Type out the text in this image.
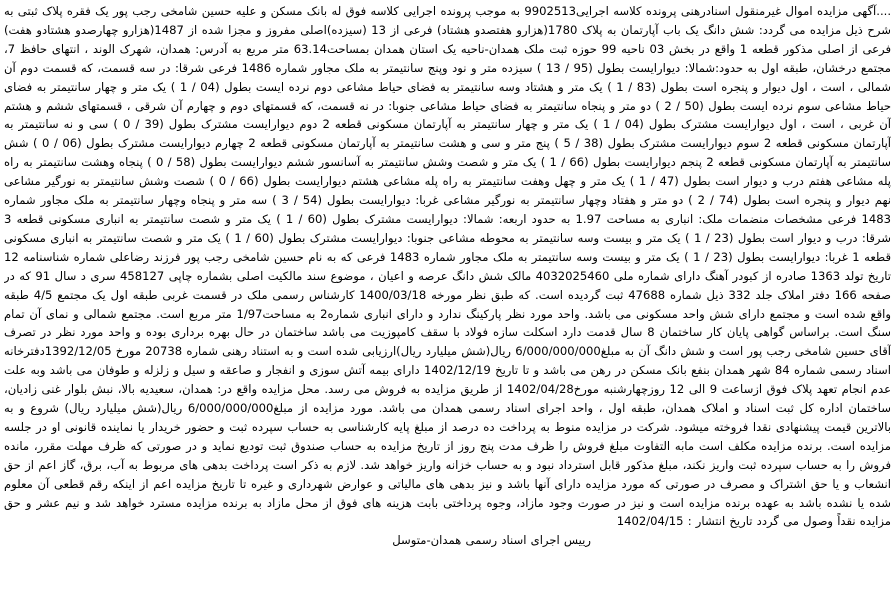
....آگهی مزایده اموال غیرمنقول اسنادرهنی پرونده کلاسه اجرایی9902513 به موجب پرونده اجرایی کلاسه فوق له بانک مسکن و علیه حسین شامخی رجب پور یک فقره پلاک ثبتی به شرح ذیل مزایده می گردد: شش دانگ یک باب آپارتمان به پلاک 1780(هزارو هفتصدو هشتاد) فرعی از 13 (سیزده)اصلی مفروز و مجزا شده از 1487(هزارو چهارصدو هشتادو هفت) فرعی از اصلی مذکور قطعه 1 واقع در بخش 03 ناحیه 99 حوزه ثبت ملک همدان-ناحیه یک استان همدان بمساحت63.14 متر مربع به آدرس: همدان، شهرک الوند ، انتهای حافظ 7، مجتمع درخشان، طبقه اول به حدود:شمالا: دیوارایست بطول (95 / 13 ) سیزده متر و نود وپنج سانتیمتر به ملک مجاور شماره 1486 فرعی شرقا: در سه قسمت، که قسمت دوم آن شمالی ، است ، اول دیوار و پنجره است بطول (83 / 1 ) یک متر و هشتاد وسه سانتیمتر به فضای حیاط مشاعی دوم نرده ایست بطول (04 / 1 ) یک متر و چهار سانتیمتر به فضای حیاط مشاعی سوم نرده ایست بطول (50 / 2 ) دو متر و پنجاه سانتیمتر به فضای حیاط مشاعی جنوبا: در نه قسمت، که قسمتهای دوم و چهارم آن شرقی ، قسمتهای ششم و هشتم آن غربی ، است ، اول دیوارایست مشترک بطول (04 / 1 ) یک متر و چهار سانتیمتر به آپارتمان مسکونی قطعه 2 دوم دیوارایست مشترک بطول (39 / 0 ) سی و نه سانتیمتر به آپارتمان مسکونی قطعه 2 سوم دیوارایست مشترک بطول (38 / 5 ) پنج متر و سی و هشت سانتیمتر به آپارتمان مسکونی قطعه 2 چهارم دیوارایست مشترک بطول (06 / 0 ) شش سانتیمتر به آپارتمان مسکونی قطعه 2 پنجم دیوارایست بطول (66 / 1 ) یک متر و شصت وشش سانتیمتر به آسانسور ششم دیوارایست بطول (58 / 0 ) پنجاه وهشت سانتیمتر به راه پله مشاعی هفتم درب و دیوار است بطول (47 / 1 ) یک متر و چهل وهفت سانتیمتر به راه پله مشاعی هشتم دیوارایست بطول (66 / 0 ) شصت وشش سانتیمتر به نورگیر مشاعی نهم دیوار و پنجره است بطول (74 / 2 ) دو متر و هفتاد وچهار سانتیمتر به نورگیر مشاعی غربا: دیوارایست بطول (54 / 3 ) سه متر و پنجاه وچهار سانتیمتر به ملک مجاور شماره 1483 فرعی مشخصات منضمات ملک: انباری به مساحت 1.97 به حدود اربعه: شمالا: دیوارایست مشترک بطول (60 / 1 ) یک متر و شصت سانتیمتر به انباری مسکونی قطعه 3 شرقا: درب و دیوار است بطول (23 / 1 ) یک متر و بیست وسه سانتیمتر به محوطه مشاعی جنوبا: دیوارایست مشترک بطول (60 / 1 ) یک متر و شصت سانتیمتر به انباری مسکونی قطعه 1 غربا: دیوارایست بطول (23 / 1 ) یک متر و بیست وسه سانتیمتر به ملک مجاور شماره 1483 فرعی که به نام حسین شامخی رجب پور فرزند رضاعلی شماره شناسنامه 12 تاریخ تولد 1363 صادره از کبودر آهنگ دارای شماره ملی 4032025460 مالک شش دانگ عرصه و اعیان ، موضوع سند مالکیت اصلی بشماره چاپی 458127 سری د سال 91 که در صفحه 166 دفتر املاک جلد 332 ذیل شماره 47688 ثبت گردیده است. که طبق نظر مورخه 1400/03/18 کارشناس رسمی ملک در قسمت غربی طبقه اول یک مجتمع 4/5 طبقه واقع شده است و مجتمع دارای شش واحد مسکونی می باشد. واحد مورد نظر پارکینگ ندارد و دارای انباری شماره2 به مساحت1/97 متر مربع است. مجتمع شمالی و نمای آن تمام سنگ است. براساس گواهی پایان کار ساختمان 8 سال قدمت دارد اسکلت سازه فولاد با سقف کامپوزیت می باشد ساختمان در حال بهره برداری بوده و واحد مورد نظر در تصرف آقای حسین شامخی رجب پور است و شش دانگ آن به مبلغ6/000/000/000 ریال(شش میلیارد ریال)ارزیابی شده است و به استناد رهنی شماره 20738 مورخ 1392/12/05دفترخانه اسناد رسمی شماره 84 شهر همدان بنفع بانک مسکن در رهن می باشد و تا تاریخ 1402/12/19 دارای بیمه آتش سوزی و انفجار و صاعقه و سیل و زلزله و طوفان می باشد وبه علت عدم انجام تعهد پلاک فوق ازساعت 9 الی 12 روزچهارشنبه مورخ1402/04/28 از طریق مزایده به فروش می رسد. محل مزایده واقع در: همدان، سعیدیه بالا، نبش بلوار غنی زادیان، ساختمان اداره کل ثبت اسناد و املاک همدان، طبقه اول ، واحد اجرای اسناد رسمی همدان می باشد. مورد مزایده از مبلغ6/000/000/000 ریال(شش میلیارد ریال) شروع و به بالاترین قیمت پیشنهادی نقدا فروخته میشود. شرکت در مزایده منوط به پرداخت ده درصد از مبلغ پایه کارشناسی به حساب سپرده ثبت و حضور خریدار یا نماینده قانونی او در جلسه مزایده است. برنده مزایده مکلف است مابه التفاوت مبلغ فروش را ظرف مدت پنج روز از تاریخ مزایده به حساب صندوق ثبت تودیع نماید و در صورتی که ظرف مهلت مقرر، مانده فروش را به حساب سپرده ثبت واریز نکند، مبلغ مذکور قابل استرداد نبود و به حساب خزانه واریز خواهد شد. لازم به ذکر است پرداخت بدهی های مربوط به آب، برق، گاز اعم از حق انشعاب و یا حق اشتراک و مصرف در صورتی که مورد مزایده دارای آنها باشد و نیز بدهی های مالیاتی و عوارض شهرداری و غیره تا تاریخ مزایده اعم از اینکه رقم قطعی آن معلوم شده یا نشده باشد به عهده برنده مزایده است و نیز در صورت وجود مازاد، وجوه پرداختی بابت هزینه های فوق از محل مازاد به برنده مزایده مسترد خواهد شد و نیم عشر و حق مزایده نقداً وصول می گردد تاریخ انتشار : 1402/04/15

رییس اجرای اسناد رسمی همدان-متوسل
